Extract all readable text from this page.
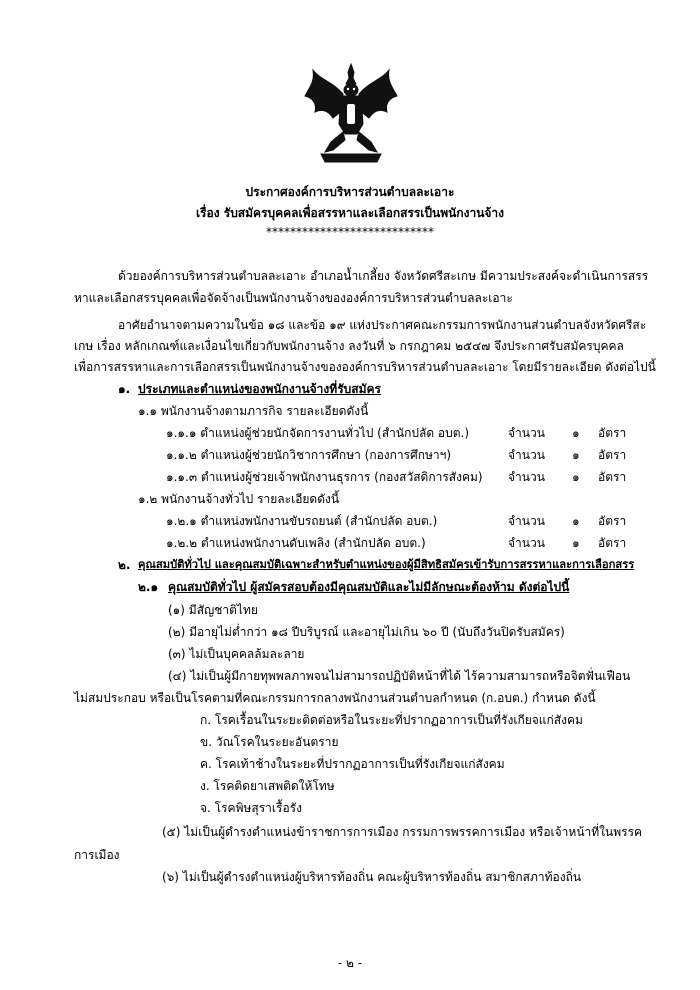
ประกาศองค์การบริหารส่วนตำบลละเอาะ
เรื่อง รับสมัครบุคคลเพื่อสรรหาและเลือกสรรเป็นพนักงานจ้าง
****************************
ด้วยองค์การบริหารส่วนตำบลละเอาะ อำเภอน้ำเกลี้ยง จังหวัดศรีสะเกษ มีความประสงค์จะดำเนินการสรร
หาและเลือกสรรบุคคลเพื่อจัดจ้างเป็นพนักงานจ้างขององค์การบริหารส่วนตำบลละเอาะ
อาศัยอำนาจตามความในข้อ ๑๘ และข้อ ๑๙ แห่งประกาศคณะกรรมการพนักงานส่วนตำบลจังหวัดศรีสะ
เกษ เรื่อง หลักเกณฑ์และเงื่อนไขเกี่ยวกับพนักงานจ้าง ลงวันที่ ๖ กรกฎาคม ๒๕๔๗ จึงประกาศรับสมัครบุคคล
เพื่อการสรรหาและการเลือกสรรเป็นพนักงานจ้างขององค์การบริหารส่วนตำบลละเอาะ โดยมีรายละเอียด ดังต่อไปนี้
๑. ประเภทและตำแหน่งของพนักงานจ้างที่รับสมัคร
๑.๑ พนักงานจ้างตามภารกิจ รายละเอียดดังนี้
๑.๑.๑ ตำแหน่งผู้ช่วยนักจัดการงานทั่วไป (สำนักปลัด อบต.)	จำนวน ๑ อัตรา
๑.๑.๒ ตำแหน่งผู้ช่วยนักวิชาการศึกษา (กองการศึกษาฯ)	จำนวน ๑ อัตรา
๑.๑.๓ ตำแหน่งผู้ช่วยเจ้าพนักงานธุรการ (กองสวัสดิการสังคม) จำนวน ๑ อัตรา
๑.๒ พนักงานจ้างทั่วไป รายละเอียดดังนี้
๑.๒.๑ ตำแหน่งพนักงานขับรถยนต์ (สำนักปลัด อบต.)	จำนวน ๑ อัตรา
๑.๒.๒ ตำแหน่งพนักงานดับเพลิง (สำนักปลัด อบต.)	จำนวน ๑ อัตรา
๒. คุณสมบัติทั่วไป และคุณสมบัติเฉพาะสำหรับตำแหน่งของผู้มีสิทธิสมัครเข้ารับการสรรหาและการเลือกสรร
๒.๑ คุณสมบัติทั่วไป ผู้สมัครสอบต้องมีคุณสมบัติและไม่มีลักษณะต้องห้าม ดังต่อไปนี้
(๑) มีสัญชาติไทย
(๒) มีอายุไม่ต่ำกว่า ๑๘ ปีบริบูรณ์ และอายุไม่เกิน ๖๐ ปี (นับถึงวันปิดรับสมัคร)
(๓) ไม่เป็นบุคคลล้มละลาย
(๔) ไม่เป็นผู้มีกายทุพพลภาพจนไม่สามารถปฏิบัติหน้าที่ได้ ไร้ความสามารถหรือจิตฟั่นเฟือน
ไม่สมประกอบ หรือเป็นโรคตามที่คณะกรรมการกลางพนักงานส่วนตำบลกำหนด (ก.อบต.) กำหนด ดังนี้
ก. โรคเรื้อนในระยะติดต่อหรือในระยะที่ปรากฏอาการเป็นที่รังเกียจแก่สังคม
ข. วัณโรคในระยะอันตราย
ค. โรคเท้าช้างในระยะที่ปรากฏอาการเป็นที่รังเกียจแก่สังคม
ง. โรคติดยาเสพติดให้โทษ
จ. โรคพิษสุราเรื้อรัง
(๕) ไม่เป็นผู้ดำรงตำแหน่งข้าราชการการเมือง กรรมการพรรคการเมือง หรือเจ้าหน้าที่ในพรรค
การเมือง
(๖) ไม่เป็นผู้ดำรงตำแหน่งผู้บริหารท้องถิ่น คณะผู้บริหารท้องถิ่น สมาชิกสภาท้องถิ่น
- ๒ -
